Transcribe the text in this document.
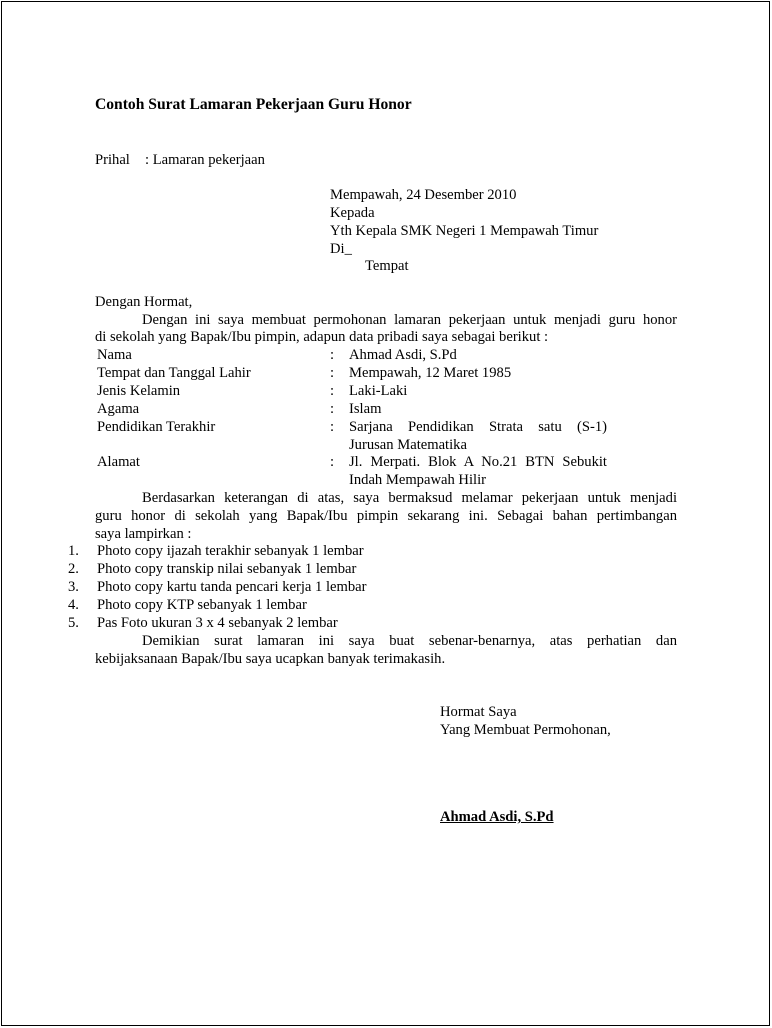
Contoh Surat Lamaran Pekerjaan Guru Honor
Prihal : Lamaran pekerjaan
Mempawah, 24 Desember 2010
Kepada
Yth Kepala SMK Negeri 1 Mempawah Timur
Di_
Tempat
Dengan Hormat,
Dengan ini saya membuat permohonan lamaran pekerjaan untuk menjadi guru honor
di sekolah yang Bapak/Ibu pimpin, adapun data pribadi saya sebagai berikut :
Nama	: Ahmad Asdi, S.Pd
Tempat dan Tanggal Lahir	: Mempawah, 12 Maret 1985
Jenis Kelamin	: Laki-Laki
Agama	: Islam
Pendidikan Terakhir	: Sarjana Pendidikan Strata satu (S-1)
Jurusan Matematika
Alamat	: Jl. Merpati. Blok A No.21 BTN Sebukit
Indah Mempawah Hilir
Berdasarkan keterangan di atas, saya bermaksud melamar pekerjaan untuk menjadi
guru honor di sekolah yang Bapak/Ibu pimpin sekarang ini. Sebagai bahan pertimbangan
saya lampirkan :
1. Photo copy ijazah terakhir sebanyak 1 lembar
2. Photo copy transkip nilai sebanyak 1 lembar
3. Photo copy kartu tanda pencari kerja 1 lembar
4. Photo copy KTP sebanyak 1 lembar
5. Pas Foto ukuran 3 x 4 sebanyak 2 lembar
Demikian surat lamaran ini saya buat sebenar-benarnya, atas perhatian dan
kebijaksanaan Bapak/Ibu saya ucapkan banyak terimakasih.
Hormat Saya
Yang Membuat Permohonan,
Ahmad Asdi, S.Pd
